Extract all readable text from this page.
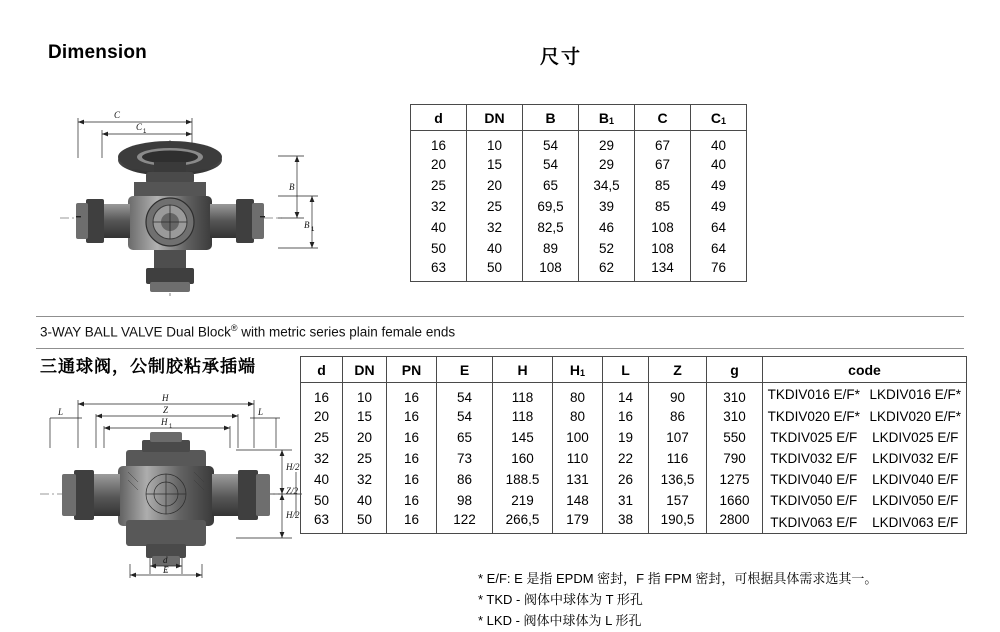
Dimension	尺寸
C
C 1
B
B 1
d	DN	B	B1	C	C1
16	10	54	29	67	40
20	15	54	29	67	40
25	20	65	34,5	85	49
32	25	69,5	39	85	49
40	32	82,5	46	108	64
50	40	89	52	108	64
63	50	108	62	134	76
3-WAY BALL VALVE Dual Block® with metric series plain female ends
三通球阀，公制胶粘承插端
H
Z
H 1
L	L
H/2
Z/2
H/2
d
E
d	DN	PN	E	H	H1	L	Z	g	code
16	10	16	54	118	80	14	90	310	TKDIV016 E/F* LKDIV016 E/F*

20	15	16	54	118	80	16	86	310	TKDIV020 E/F* LKDIV020 E/F*

25	20	16	65	145	100	19	107	550	TKDIV025 E/F LKDIV025 E/F

32	25	16	73	160	110	22	116	790	TKDIV032 E/F LKDIV032 E/F

40	32	16	86	188.5	131	26	136,5	1275	TKDIV040 E/F LKDIV040 E/F

50	40	16	98	219	148	31	157	1660	TKDIV050 E/F LKDIV050 E/F

63	50	16	122	266,5	179	38	190,5	2800	TKDIV063 E/F LKDIV063 E/F
* E/F: E 是指 EPDM 密封，F 指 FPM 密封，可根据具体需求选其一。
* TKD - 阀体中球体为 T 形孔
* LKD - 阀体中球体为 L 形孔
